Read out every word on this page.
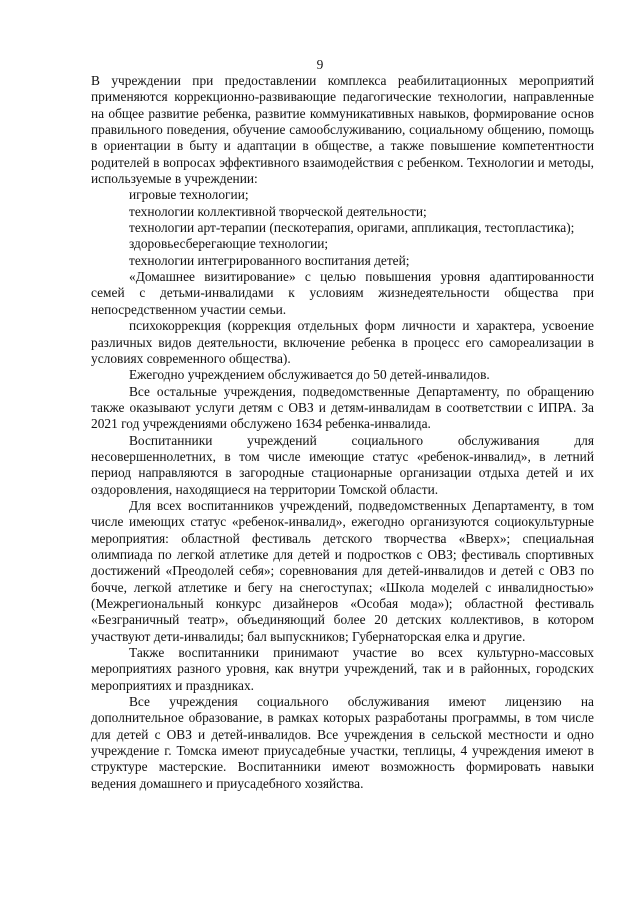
9

В учреждении при предоставлении комплекса реабилитационных мероприятий применяются коррекционно-развивающие педагогические технологии, направленные на общее развитие ребенка, развитие коммуникативных навыков, формирование основ правильного поведения, обучение самообслуживанию, социальному общению, помощь в ориентации в быту и адаптации в обществе, а также повышение компетентности родителей в вопросах эффективного взаимодействия с ребенком. Технологии и методы, используемые в учреждении:

игровые технологии;

технологии коллективной творческой деятельности;

технологии арт-терапии (пескотерапия, оригами, аппликация, тестопластика);

здоровьесберегающие технологии;

технологии интегрированного воспитания детей;

«Домашнее визитирование» с целью повышения уровня адаптированности семей с детьми-инвалидами к условиям жизнедеятельности общества при непосредственном участии семьи.

психокоррекция (коррекция отдельных форм личности и характера, усвоение различных видов деятельности, включение ребенка в процесс его самореализации в условиях современного общества).

Ежегодно учреждением обслуживается до 50 детей-инвалидов.

Все остальные учреждения, подведомственные Департаменту, по обращению также оказывают услуги детям с ОВЗ и детям-инвалидам в соответствии с ИПРА. За 2021 год учреждениями обслужено 1634 ребенка-инвалида.

Воспитанники учреждений социального обслуживания для несовершеннолетних, в том числе имеющие статус «ребенок-инвалид», в летний период направляются в загородные стационарные организации отдыха детей и их оздоровления, находящиеся на территории Томской области.

Для всех воспитанников учреждений, подведомственных Департаменту, в том числе имеющих статус «ребенок-инвалид», ежегодно организуются социокультурные мероприятия: областной фестиваль детского творчества «Вверх»; специальная олимпиада по легкой атлетике для детей и подростков с ОВЗ; фестиваль спортивных достижений «Преодолей себя»; соревнования для детей-инвалидов и детей с ОВЗ по бочче, легкой атлетике и бегу на снегоступах; «Школа моделей с инвалидностью» (Межрегиональный конкурс дизайнеров «Особая мода»); областной фестиваль «Безграничный театр», объединяющий более 20 детских коллективов, в котором участвуют дети-инвалиды; бал выпускников; Губернаторская елка и другие.

Также воспитанники принимают участие во всех культурно-массовых мероприятиях разного уровня, как внутри учреждений, так и в районных, городских мероприятиях и праздниках.

Все учреждения социального обслуживания имеют лицензию на дополнительное образование, в рамках которых разработаны программы, в том числе для детей с ОВЗ и детей-инвалидов. Все учреждения в сельской местности и одно учреждение г. Томска имеют приусадебные участки, теплицы, 4 учреждения имеют в структуре мастерские. Воспитанники имеют возможность формировать навыки ведения домашнего и приусадебного хозяйства.
